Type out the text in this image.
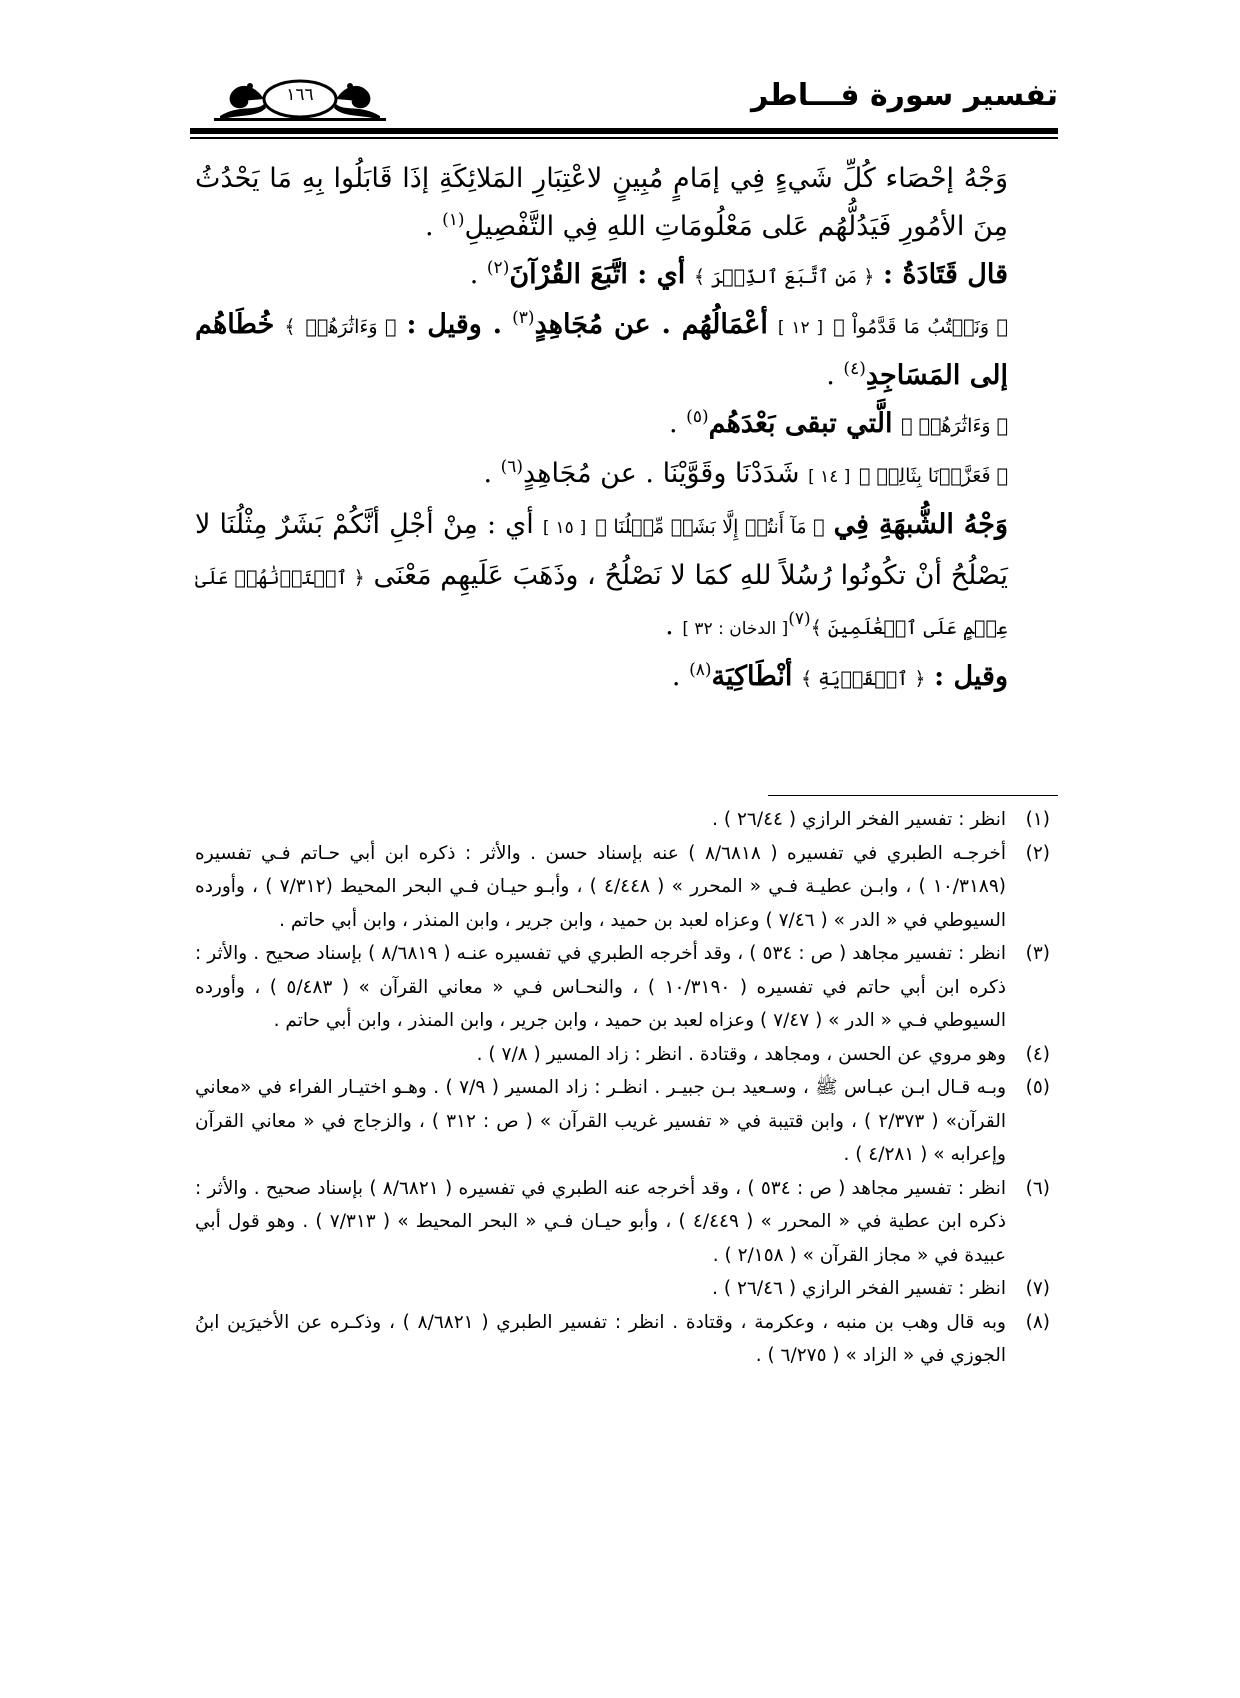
تفسير سورة فـــاطر
١٦٦

وَجْهُ إحْصَاء كُلِّ شَيءٍ فِي إمَامٍ مُبِينٍ لاعْتِبَارِ المَلائِكَةِ إذَا قَابَلُوا بِهِ مَا يَحْدُثُ مِنَ الأمُورِ فَيَدُلُّهُم عَلى مَعْلُومَاتِ اللهِ فِي التَّفْصِيلِ$^{(١)}$ .

قال قَتَادَةُ : ﴿ مَنِ ٱتَّبَعَ ٱلذِّكۡرَ ﴾ أي : اتَّبَعَ القُرْآنَ$^{(٢)}$ .

﴿ وَنَكۡتُبُ مَا قَدَّمُواْ ﴾ [ ١٢ ] أعْمَالُهُم . عن مُجَاهِدٍ$^{(٣)}$ . وقيل : ﴿ وَءَاثَٰرَهُمۡ ﴾ خُطَاهُم إلى المَسَاجِدِ$^{(٤)}$ .

﴿ وَءَاثَٰرَهُمۡ ﴾ الَّتي تبقى بَعْدَهُم$^{(٥)}$ .

﴿ فَعَزَّزۡنَا بِثَالِثٖ ﴾ [ ١٤ ] شَدَدْنَا وقَوَّيْنَا . عن مُجَاهِدٍ$^{(٦)}$ .

وَجْهُ الشُّبهَةِ فِي ﴿ مَآ أَنتُمۡ إِلَّا بَشَرٞ مِّثۡلُنَا ﴾ [ ١٥ ] أي : مِنْ أجْلِ أنَّكُمْ بَشَرٌ مِثْلُنَا لا يَصْلُحُ أنْ تكُونُوا رُسُلاً للهِ كمَا لا نَصْلُحُ ، وذَهَبَ عَلَيهِم مَعْنَى ﴿ ٱخۡتَرۡنَٰهُمۡ عَلَىٰ عِلۡمٍ عَلَى ٱلۡعَٰلَمِينَ ﴾$^{(٧)}$[ الدخان : ٣٢ ] .

وقيل : ﴿ ٱلۡقَرۡيَةِ ﴾ أنْطَاكِيَة$^{(٨)}$ .

(١)
انظر : تفسير الفخر الرازي ( ٢٦/٤٤ ) .

(٢)
أخرجـه الطبري في تفسيره ( ٨/٦٨١٨ ) عنه بإسناد حسن . والأثر : ذكره ابن أبي حـاتم فـي تفسيره (١٠/٣١٨٩ ) ، وابـن عطيـة فـي « المحرر » ( ٤/٤٤٨ ) ، وأبـو حيـان فـي البحر المحيط (٧/٣١٢ ) ، وأورده السيوطي في « الدر » ( ٧/٤٦ ) وعزاه لعبد بن حميد ، وابن جرير ، وابن المنذر ، وابن أبي حاتم .

(٣)
انظر : تفسير مجاهد ( ص : ٥٣٤ ) ، وقد أخرجه الطبري في تفسيره عنـه ( ٨/٦٨١٩ ) بإسناد صحيح . والأثر : ذكره ابن أبي حاتم في تفسيره ( ١٠/٣١٩٠ ) ، والنحـاس فـي « معاني القرآن » ( ٥/٤٨٣ ) ، وأورده السيوطي فـي « الدر » ( ٧/٤٧ ) وعزاه لعبد بن حميد ، وابن جرير ، وابن المنذر ، وابن أبي حاتم .

(٤)
وهو مروي عن الحسن ، ومجاهد ، وقتادة . انظر : زاد المسير ( ٧/٨ ) .

(٥)
وبـه قـال ابـن عبـاس ﷺ ، وسـعيد بـن جبيـر . انظـر : زاد المسير ( ٧/٩ ) . وهـو اختيـار الفراء في «معاني القرآن» ( ٢/٣٧٣ ) ، وابن قتيبة في « تفسير غريب القرآن » ( ص : ٣١٢ ) ، والزجاج في « معاني القرآن وإعرابه » ( ٤/٢٨١ ) .

(٦)
انظر : تفسير مجاهد ( ص : ٥٣٤ ) ، وقد أخرجه عنه الطبري في تفسيره ( ٨/٦٨٢١ ) بإسناد صحيح . والأثر : ذكره ابن عطية في « المحرر » ( ٤/٤٤٩ ) ، وأبو حيـان فـي « البحر المحيط » ( ٧/٣١٣ ) . وهو قول أبي عبيدة في « مجاز القرآن » ( ٢/١٥٨ ) .

(٧)
انظر : تفسير الفخر الرازي ( ٢٦/٤٦ ) .

(٨)
وبه قال وهب بن منبه ، وعكرمة ، وقتادة . انظر : تفسير الطبري ( ٨/٦٨٢١ ) ، وذكـره عن الأخيرَين ابنُ الجوزي في « الزاد » ( ٦/٢٧٥ ) .
